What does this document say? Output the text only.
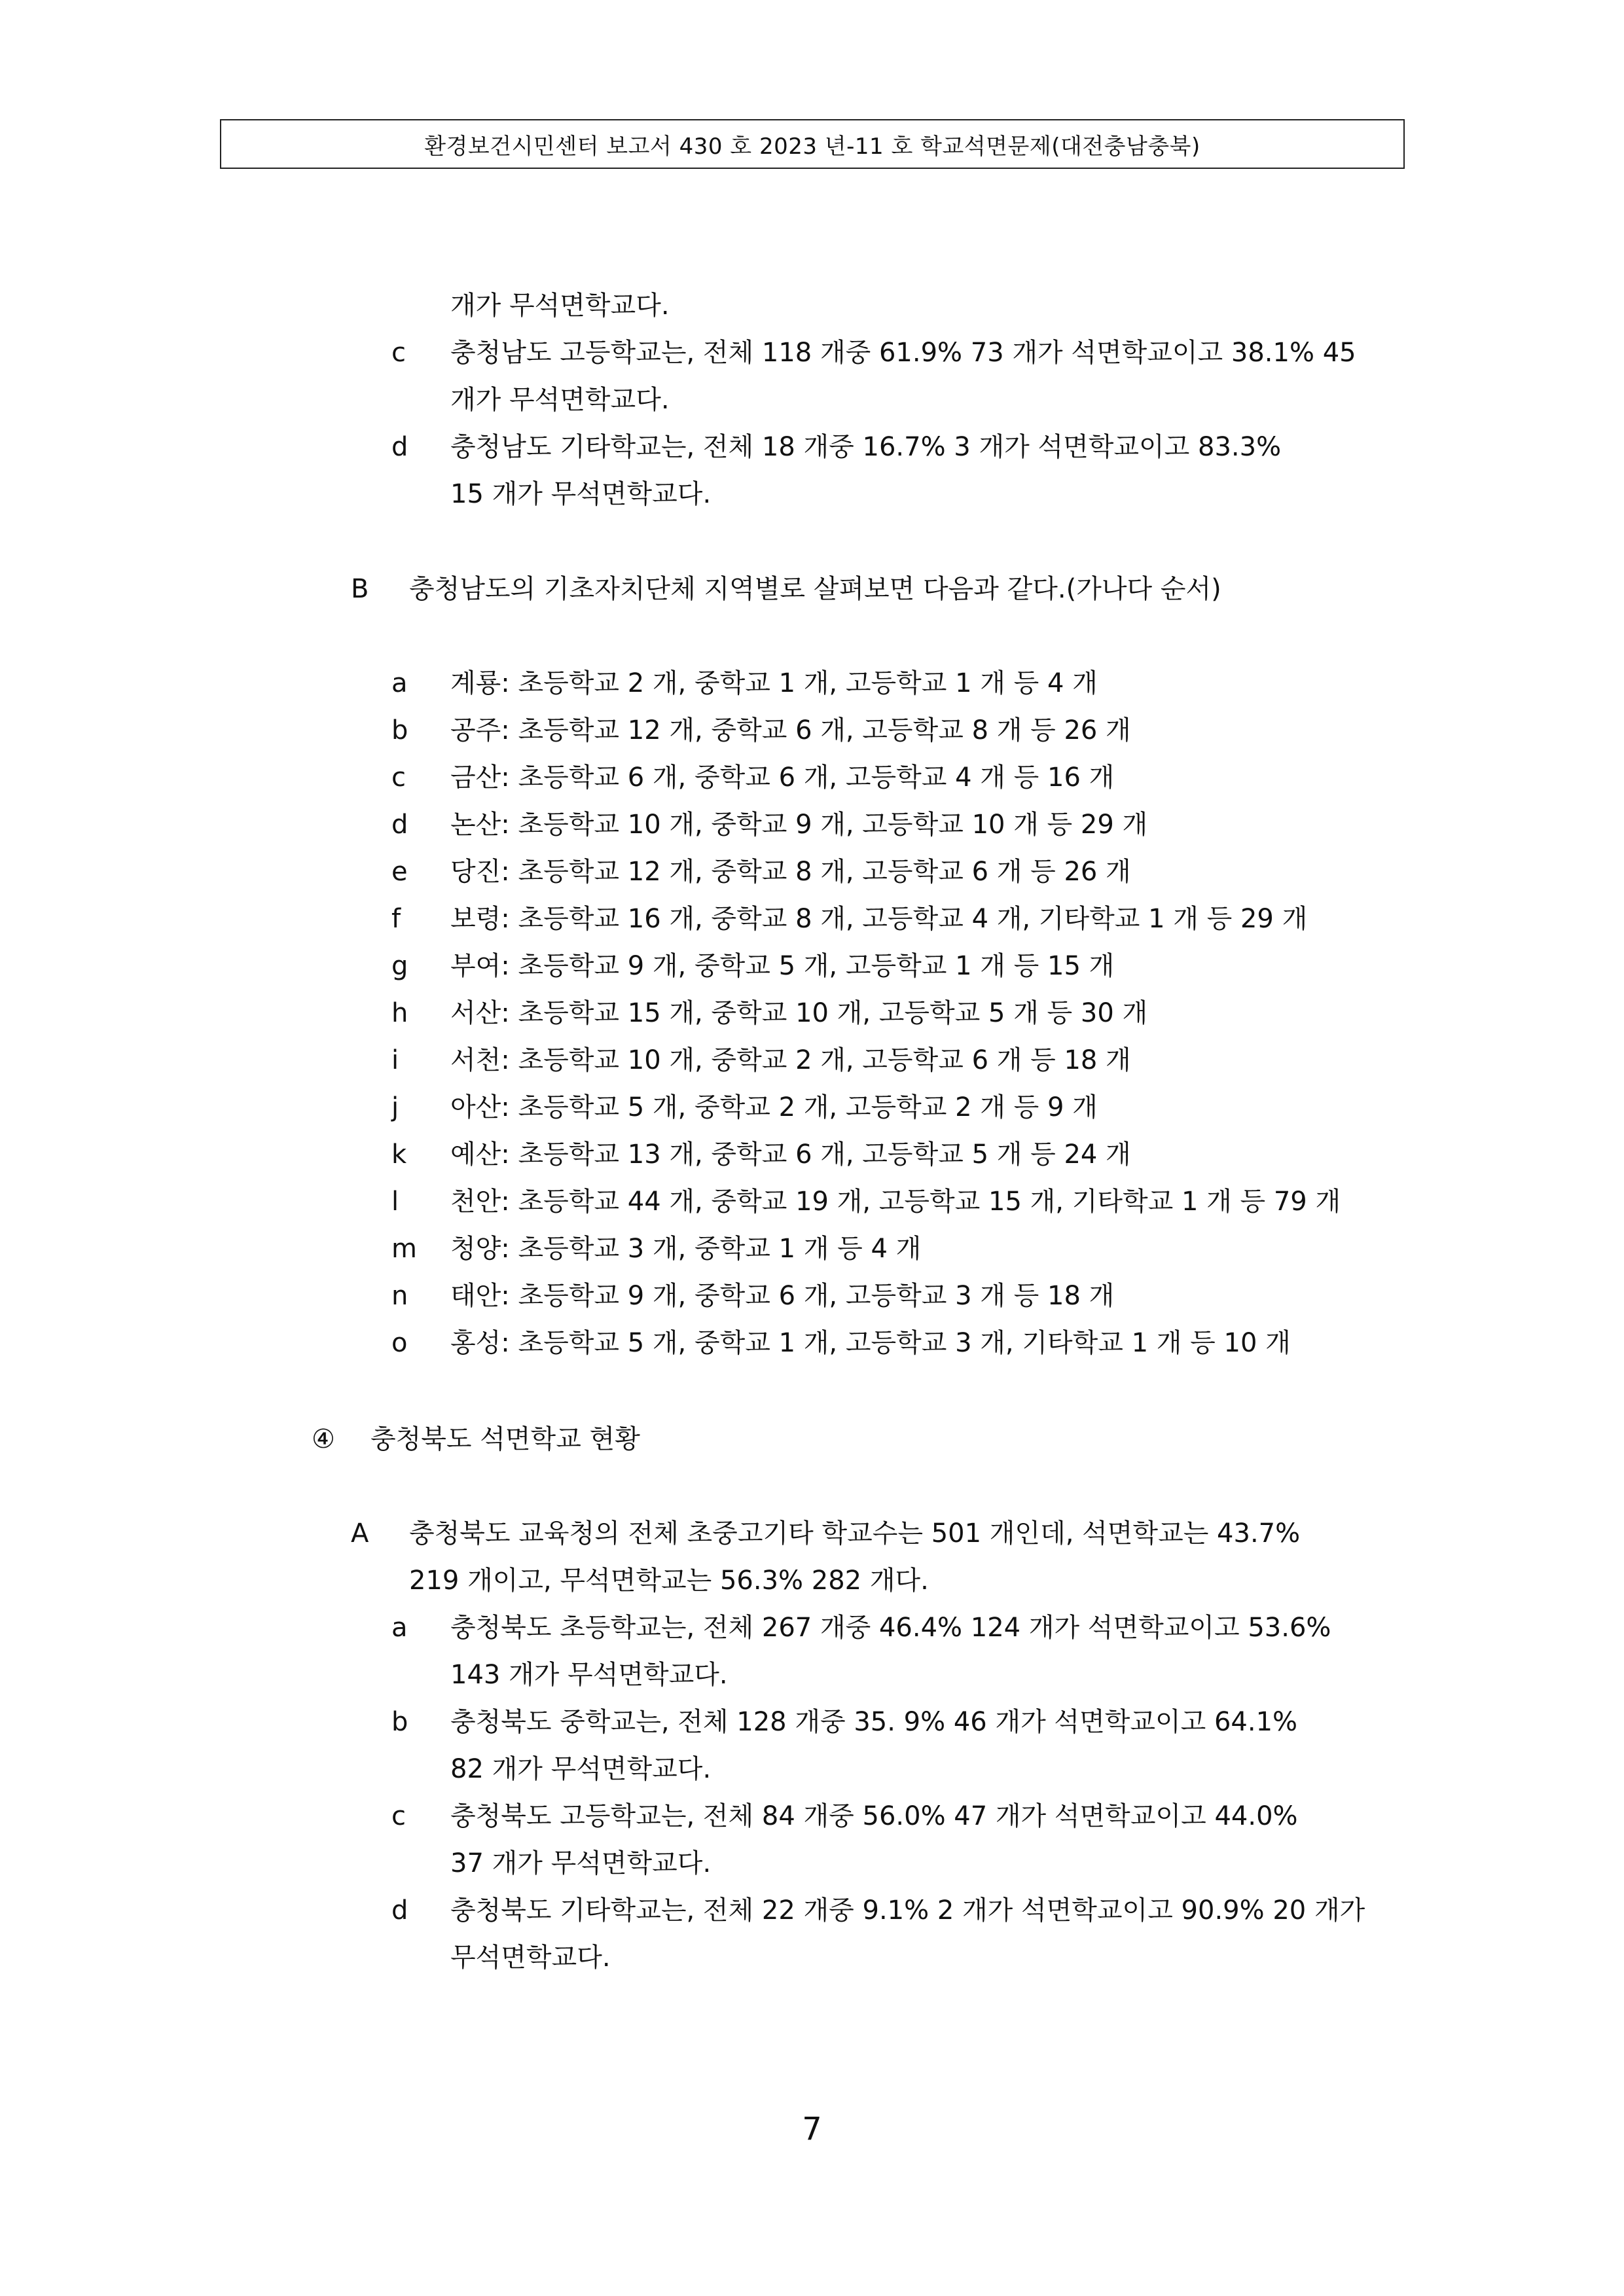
환경보건시민센터 보고서 430 호 2023 년-11 호 학교석면문제(대전충남충북)
개가 무석면학교다.
c 충청남도 고등학교는, 전체 118 개중 61.9% 73 개가 석면학교이고 38.1% 45
개가 무석면학교다.
d 충청남도 기타학교는, 전체 18 개중 16.7% 3 개가 석면학교이고 83.3%
15 개가 무석면학교다.
B 충청남도의 기초자치단체 지역별로 살펴보면 다음과 같다.(가나다 순서)
a 계룡: 초등학교 2 개, 중학교 1 개, 고등학교 1 개 등 4 개
b 공주: 초등학교 12 개, 중학교 6 개, 고등학교 8 개 등 26 개
c 금산: 초등학교 6 개, 중학교 6 개, 고등학교 4 개 등 16 개
d 논산: 초등학교 10 개, 중학교 9 개, 고등학교 10 개 등 29 개
e 당진: 초등학교 12 개, 중학교 8 개, 고등학교 6 개 등 26 개
f 보령: 초등학교 16 개, 중학교 8 개, 고등학교 4 개, 기타학교 1 개 등 29 개
g 부여: 초등학교 9 개, 중학교 5 개, 고등학교 1 개 등 15 개
h 서산: 초등학교 15 개, 중학교 10 개, 고등학교 5 개 등 30 개
i 서천: 초등학교 10 개, 중학교 2 개, 고등학교 6 개 등 18 개
j 아산: 초등학교 5 개, 중학교 2 개, 고등학교 2 개 등 9 개
k 예산: 초등학교 13 개, 중학교 6 개, 고등학교 5 개 등 24 개
l 천안: 초등학교 44 개, 중학교 19 개, 고등학교 15 개, 기타학교 1 개 등 79 개
m 청양: 초등학교 3 개, 중학교 1 개 등 4 개
n 태안: 초등학교 9 개, 중학교 6 개, 고등학교 3 개 등 18 개
o 홍성: 초등학교 5 개, 중학교 1 개, 고등학교 3 개, 기타학교 1 개 등 10 개
④ 충청북도 석면학교 현황
A 충청북도 교육청의 전체 초중고기타 학교수는 501 개인데, 석면학교는 43.7%
219 개이고, 무석면학교는 56.3% 282 개다.
a 충청북도 초등학교는, 전체 267 개중 46.4% 124 개가 석면학교이고 53.6%
143 개가 무석면학교다.
b 충청북도 중학교는, 전체 128 개중 35. 9% 46 개가 석면학교이고 64.1%
82 개가 무석면학교다.
c 충청북도 고등학교는, 전체 84 개중 56.0% 47 개가 석면학교이고 44.0%
37 개가 무석면학교다.
d 충청북도 기타학교는, 전체 22 개중 9.1% 2 개가 석면학교이고 90.9% 20 개가
무석면학교다.
7
